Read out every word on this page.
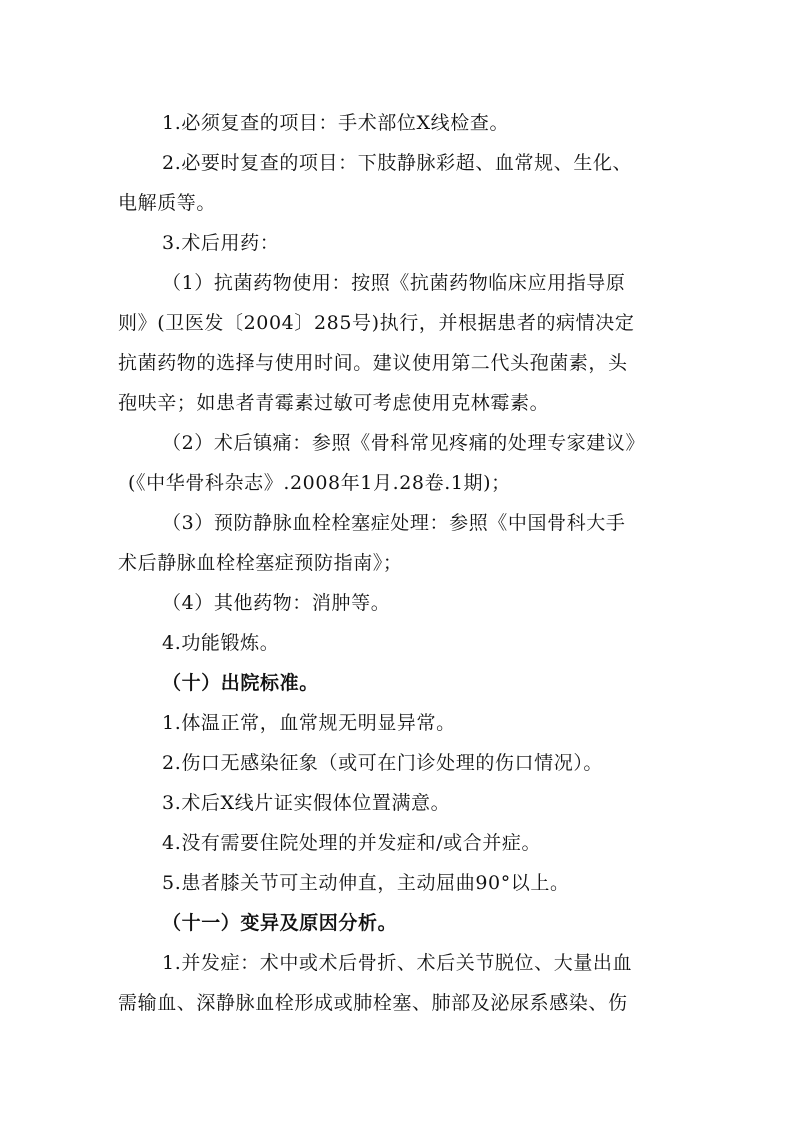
1.必须复查的项目：手术部位X线检查。
2.必要时复查的项目：下肢静脉彩超、血常规、生化、
电解质等。
3.术后用药：
（1）抗菌药物使用：按照《抗菌药物临床应用指导原
则》(卫医发〔2004〕285号)执行，并根据患者的病情决定
抗菌药物的选择与使用时间。建议使用第二代头孢菌素，头
孢呋辛；如患者青霉素过敏可考虑使用克林霉素。
（2）术后镇痛：参照《骨科常见疼痛的处理专家建议》
(《中华骨科杂志》.2008年1月.28卷.1期)；
（3）预防静脉血栓栓塞症处理：参照《中国骨科大手
术后静脉血栓栓塞症预防指南》；
（4）其他药物：消肿等。
4.功能锻炼。
（十）出院标准。
1.体温正常，血常规无明显异常。
2.伤口无感染征象（或可在门诊处理的伤口情况）。
3.术后X线片证实假体位置满意。
4.没有需要住院处理的并发症和/或合并症。
5.患者膝关节可主动伸直，主动屈曲90°以上。
（十一）变异及原因分析。
1.并发症：术中或术后骨折、术后关节脱位、大量出血
需输血、深静脉血栓形成或肺栓塞、肺部及泌尿系感染、伤
